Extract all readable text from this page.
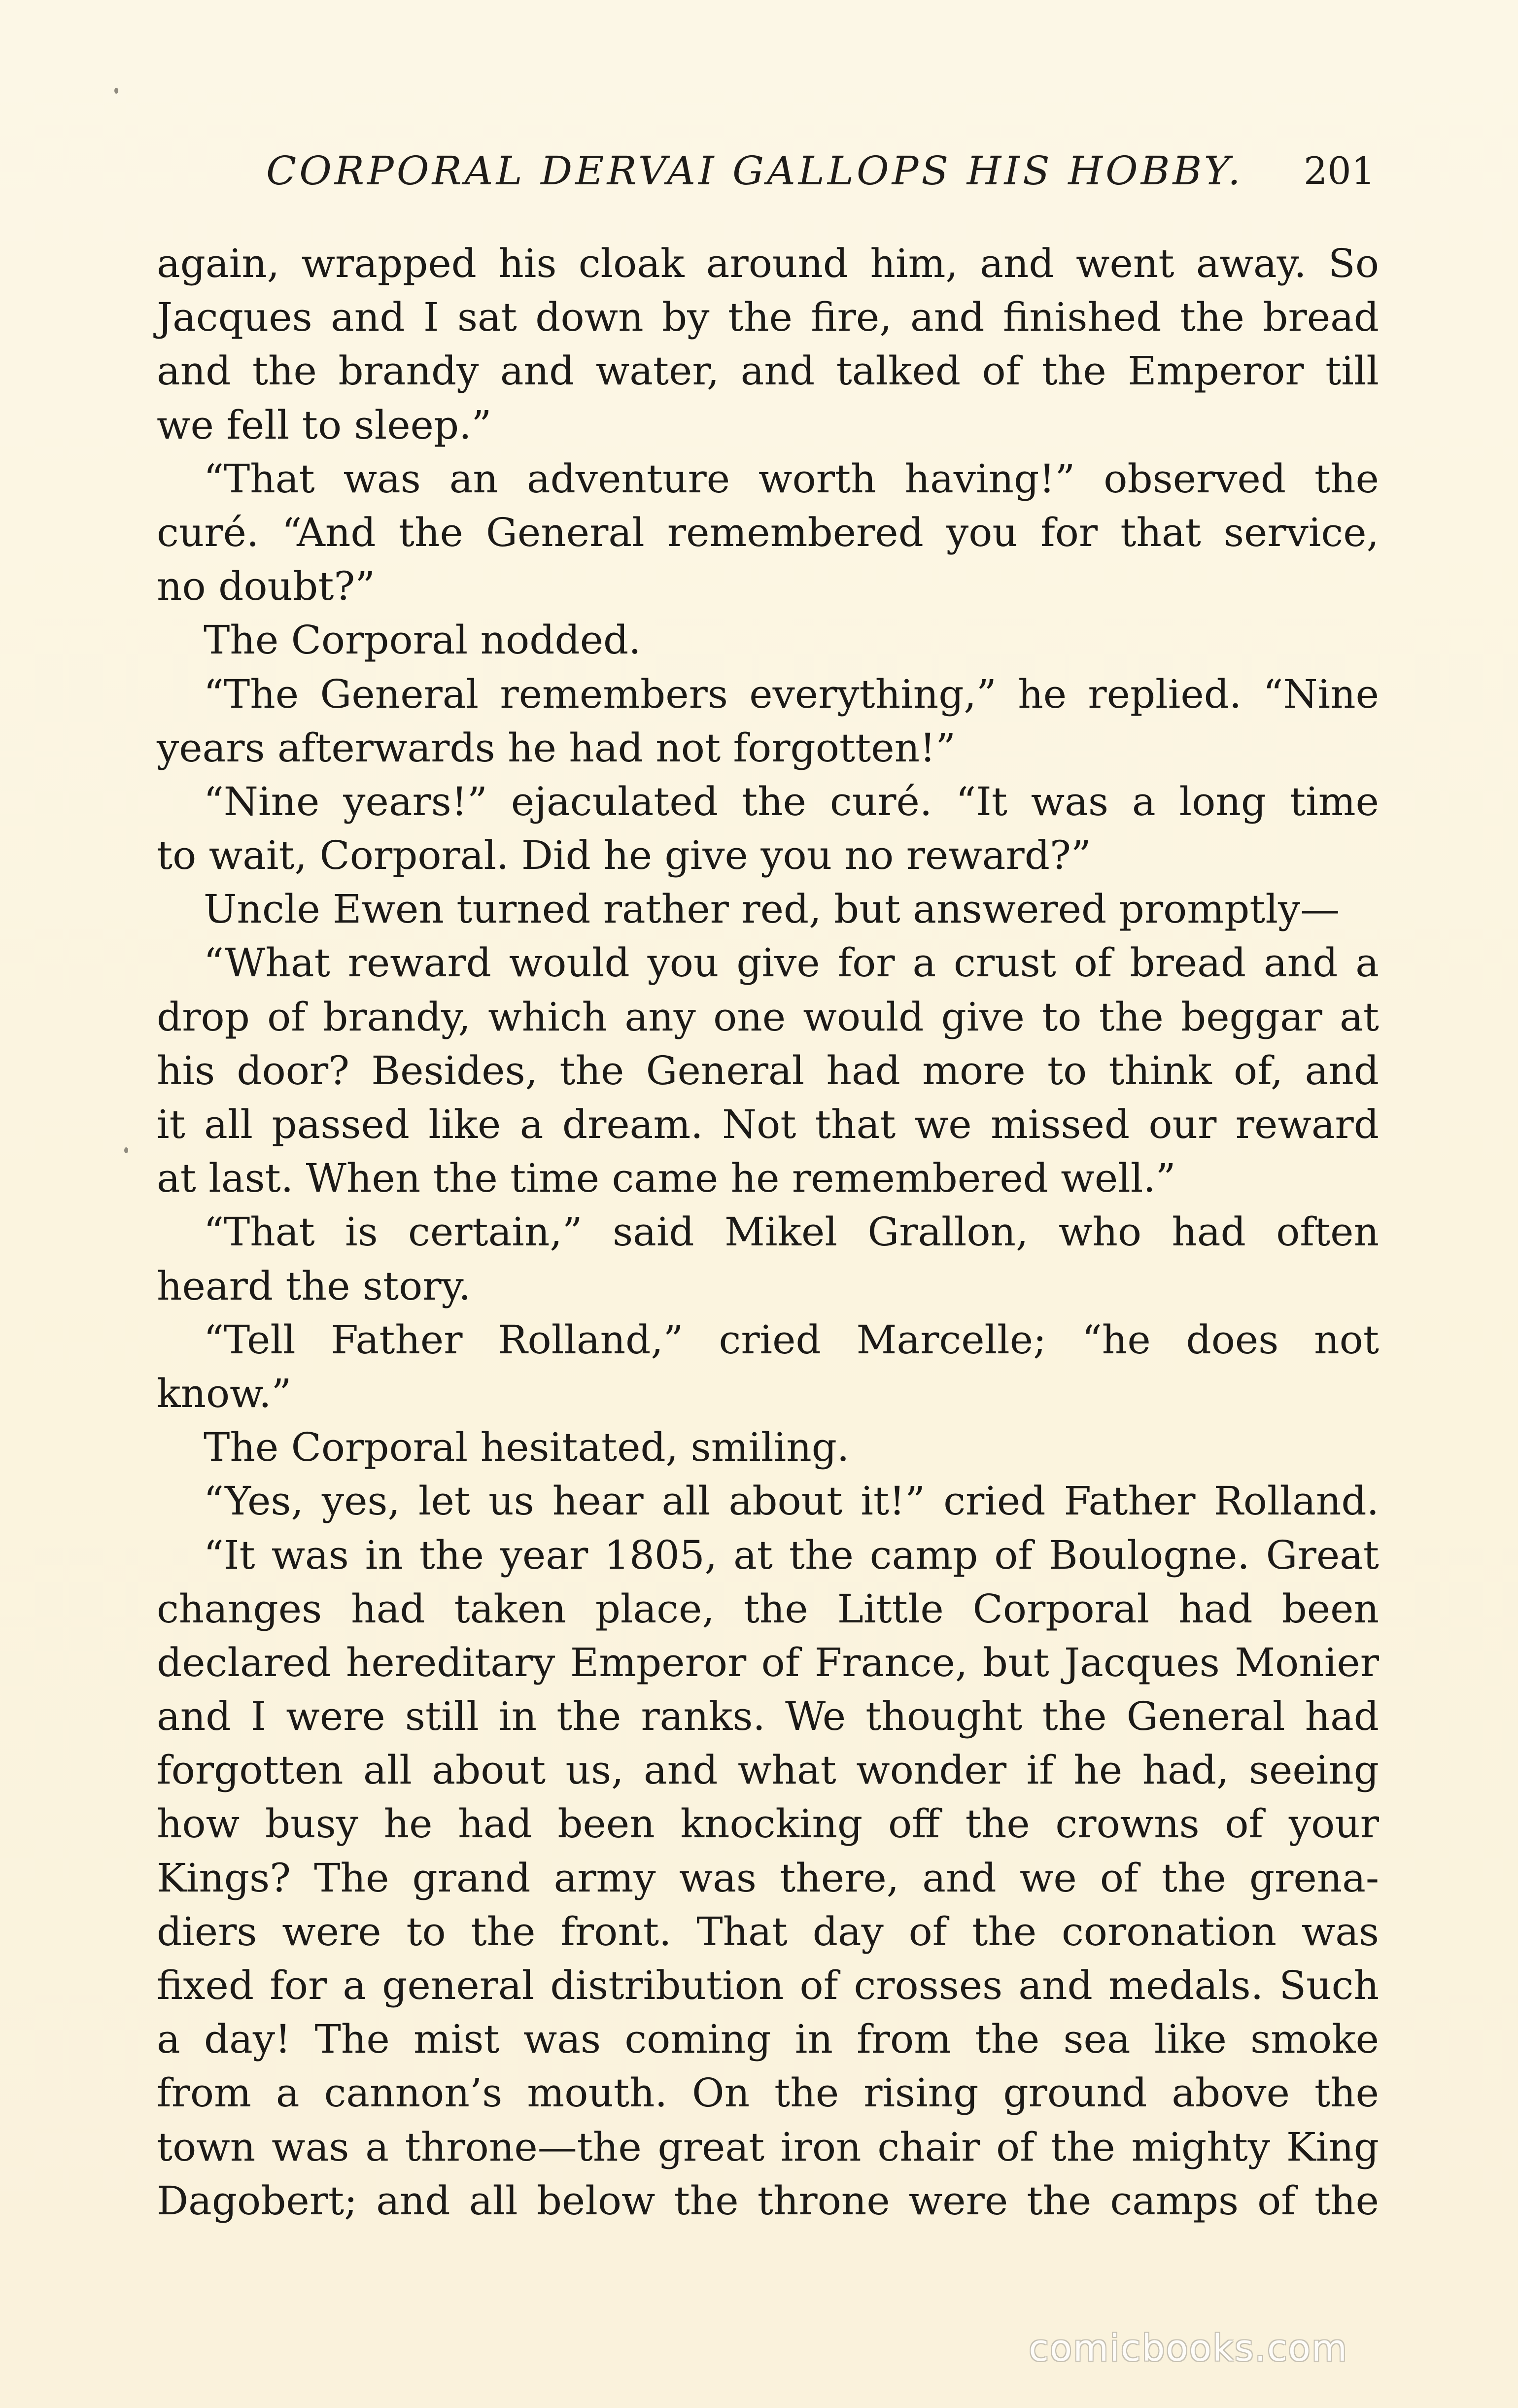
CORPORAL DERVAI GALLOPS HIS HOBBY. 201
again, wrapped his cloak around him, and went away. So
Jacques and I sat down by the fire, and finished the bread
and the brandy and water, and talked of the Emperor till
we fell to sleep.”
“That was an adventure worth having!” observed the
curé. “And the General remembered you for that service,
no doubt?”
The Corporal nodded.
“The General remembers everything,” he replied. “Nine
years afterwards he had not forgotten!”
“Nine years!” ejaculated the curé. “It was a long time
to wait, Corporal. Did he give you no reward?”
Uncle Ewen turned rather red, but answered promptly—
“What reward would you give for a crust of bread and a
drop of brandy, which any one would give to the beggar at
his door? Besides, the General had more to think of, and
it all passed like a dream. Not that we missed our reward
at last. When the time came he remembered well.”
“That is certain,” said Mikel Grallon, who had often
heard the story.
“Tell Father Rolland,” cried Marcelle; “he does not
know.”
The Corporal hesitated, smiling.
“Yes, yes, let us hear all about it!” cried Father Rolland.
“It was in the year 1805, at the camp of Boulogne. Great
changes had taken place, the Little Corporal had been
declared hereditary Emperor of France, but Jacques Monier
and I were still in the ranks. We thought the General had
forgotten all about us, and what wonder if he had, seeing
how busy he had been knocking off the crowns of your
Kings? The grand army was there, and we of the grena-
diers were to the front. That day of the coronation was
fixed for a general distribution of crosses and medals. Such
a day! The mist was coming in from the sea like smoke
from a cannon’s mouth. On the rising ground above the
town was a throne—the great iron chair of the mighty King
Dagobert; and all below the throne were the camps of the
comicbooks.com
